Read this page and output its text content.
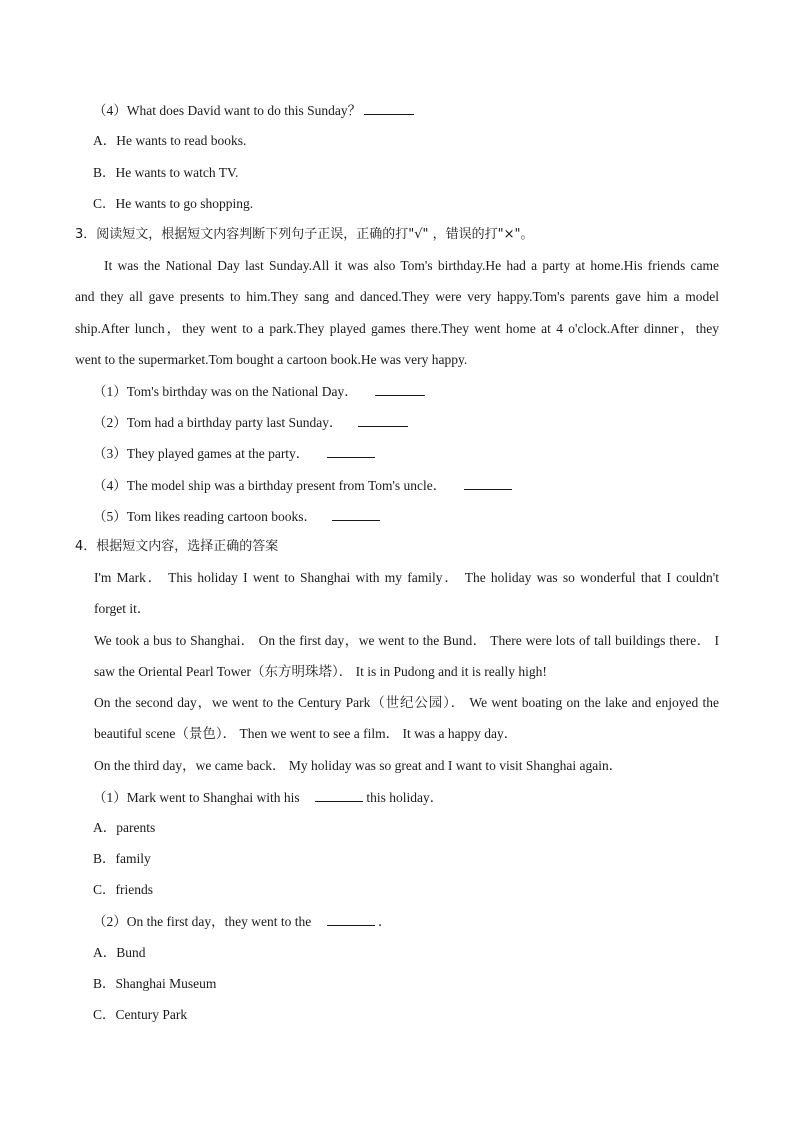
（4）What does David want to do this Sunday？
A．He wants to read books.
B．He wants to watch TV.
C．He wants to go shopping.
3．阅读短文，根据短文内容判断下列句子正误，正确的打"√" ，错误的打"×"。
It was the National Day last Sunday.All it was also Tom's birthday.He had a party at home.His friends came
and they all gave presents to him.They sang and danced.They were very happy.Tom's parents gave him a model
ship.After lunch，they went to a park.They played games there.They went home at 4 o'clock.After dinner，they
went to the supermarket.Tom bought a cartoon book.He was very happy.
（1）Tom's birthday was on the National Day．
（2）Tom had a birthday party last Sunday．
（3）They played games at the party．
（4）The model ship was a birthday present from Tom's uncle．
（5）Tom likes reading cartoon books．
4．根据短文内容，选择正确的答案
I'm Mark． This holiday I went to Shanghai with my family． The holiday was so wonderful that I couldn't
forget it．
We took a bus to Shanghai． On the first day，we went to the Bund． There were lots of tall buildings there． I
saw the Oriental Pearl Tower（东方明珠塔）． It is in Pudong and it is really high!
On the second day，we went to the Century Park（世纪公园）． We went boating on the lake and enjoyed the
beautiful scene（景色）． Then we went to see a film． It was a happy day．
On the third day，we came back． My holiday was so great and I want to visit Shanghai again．
（1）Mark went to Shanghai with his	this holiday．
A．parents
B．family
C．friends
（2）On the first day，they went to the	．
A．Bund
B．Shanghai Museum
C．Century Park
